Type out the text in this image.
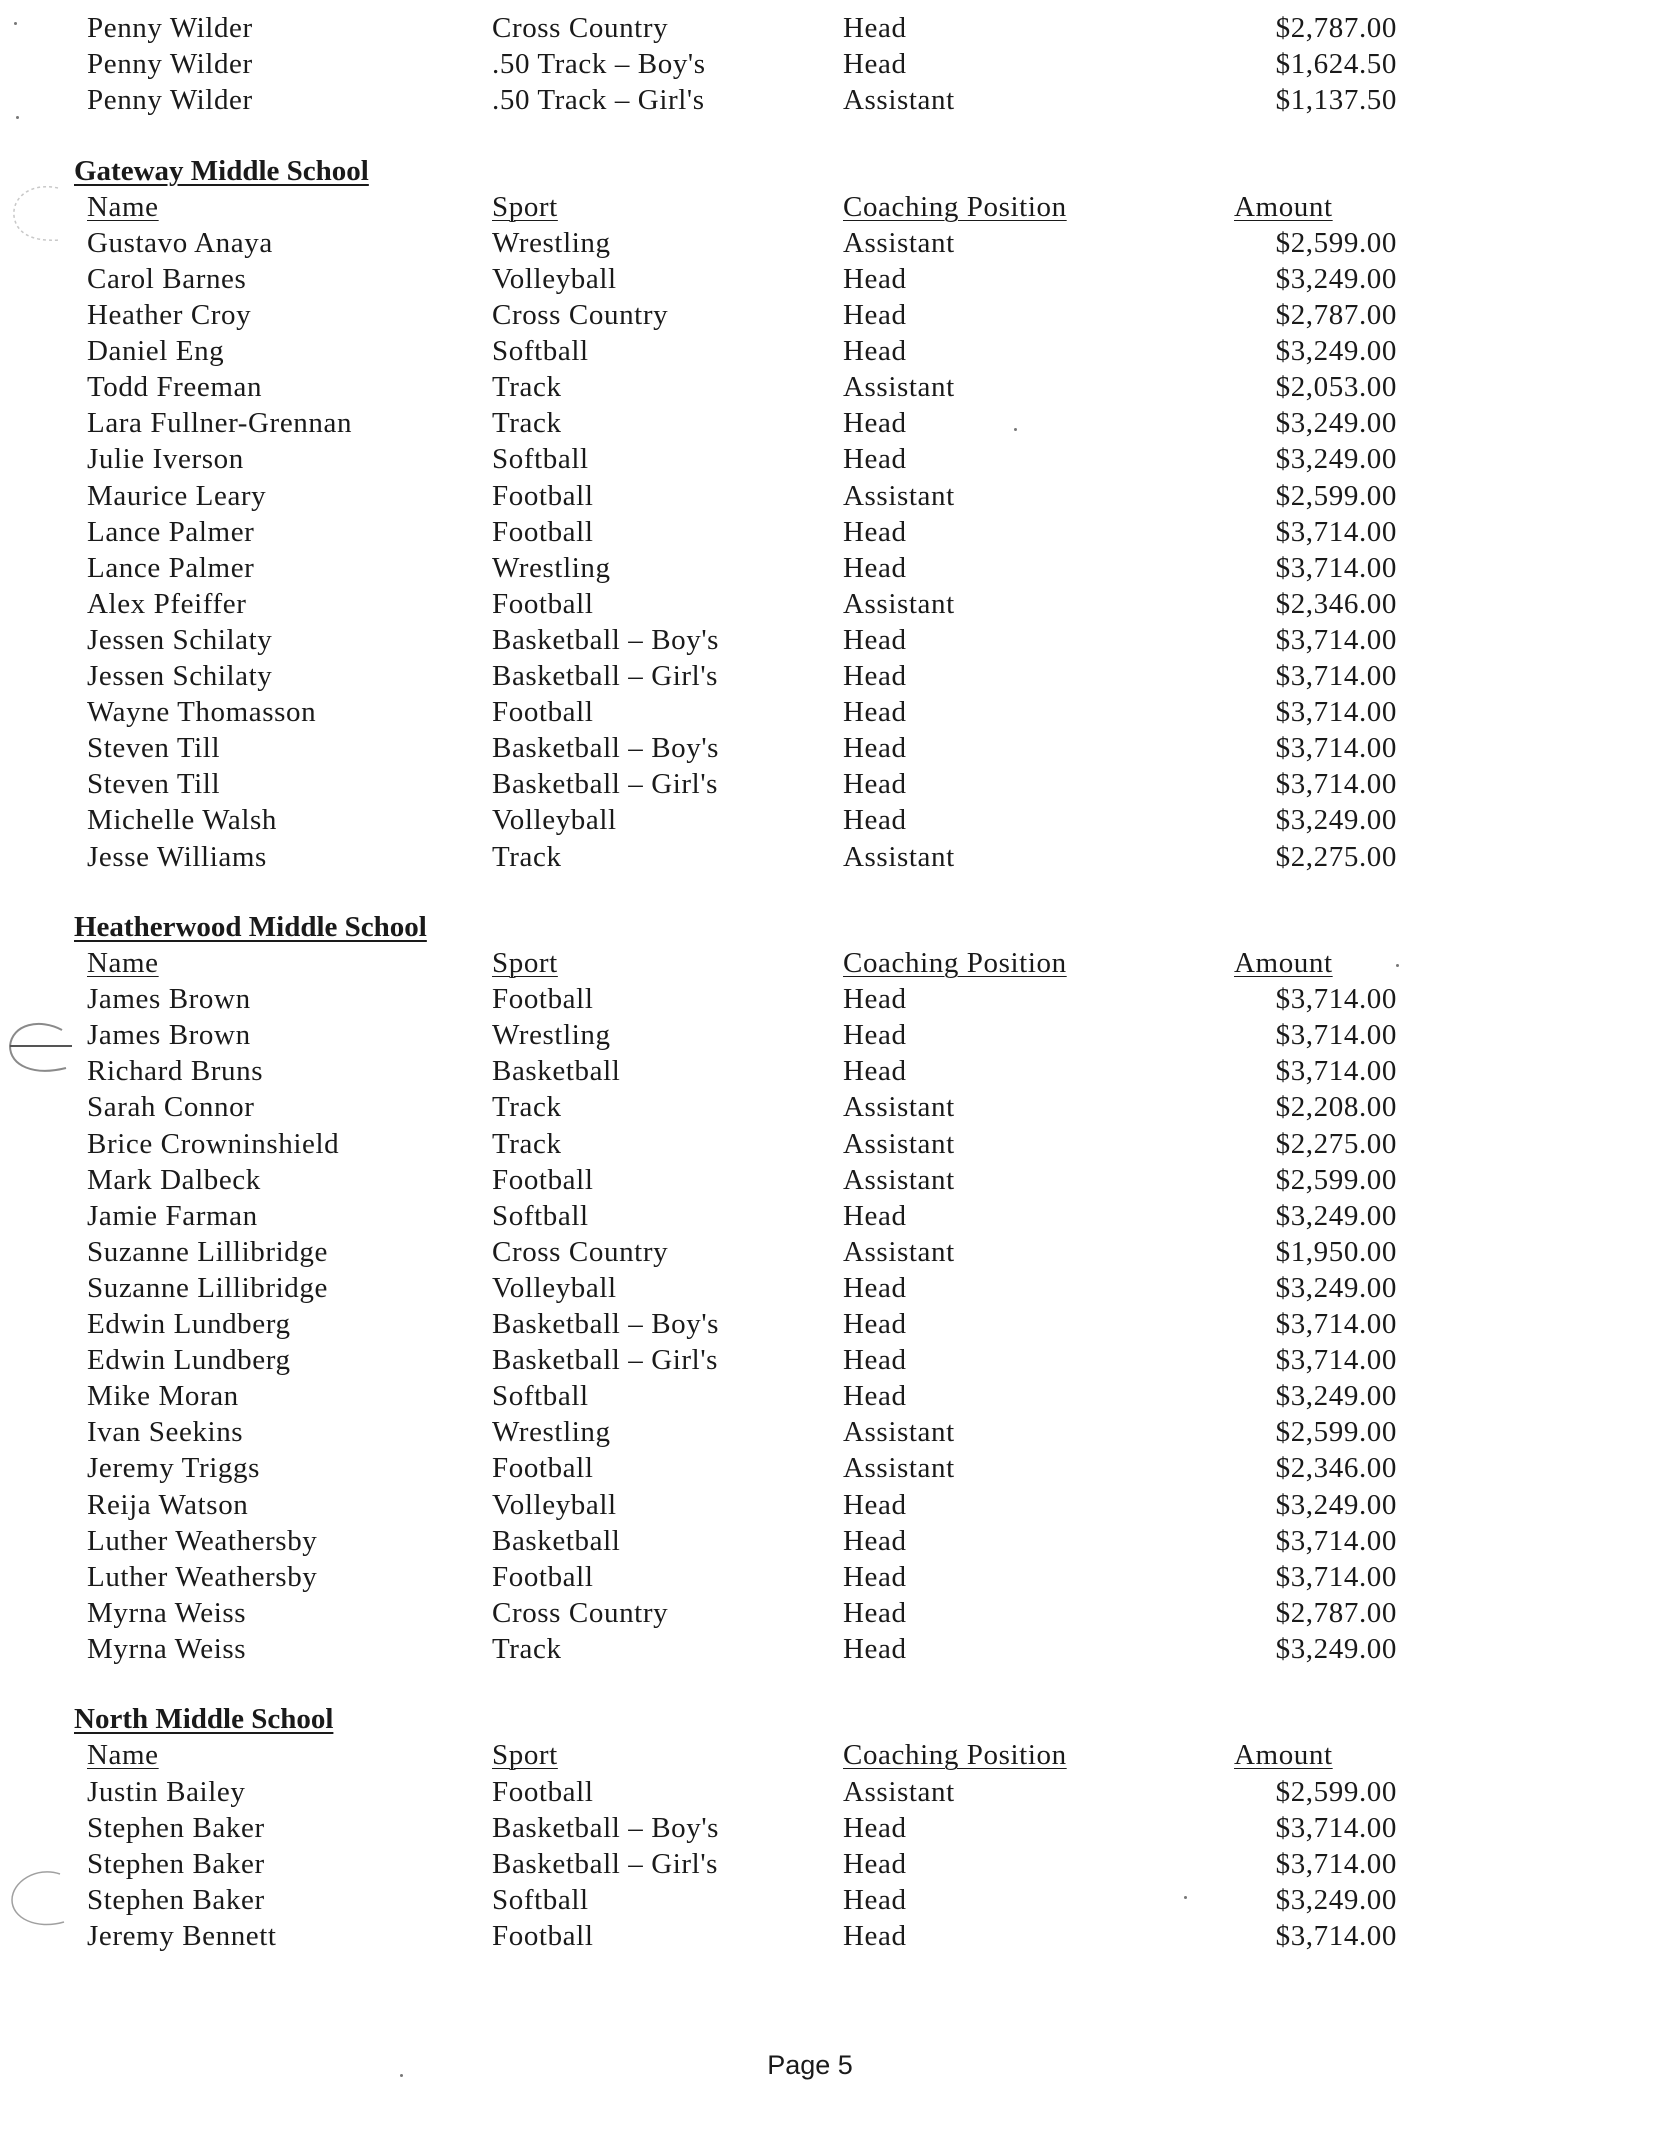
Page 5
Penny Wilder	Cross Country	Head	$2,787.00
Penny Wilder	.50 Track – Boy's	Head	$1,624.50
Penny Wilder	.50 Track – Girl's	Assistant	$1,137.50
Gateway Middle School
Name	Sport	Coaching Position	Amount
Gustavo Anaya	Wrestling	Assistant	$2,599.00
Carol Barnes	Volleyball	Head	$3,249.00
Heather Croy	Cross Country	Head	$2,787.00
Daniel Eng	Softball	Head	$3,249.00
Todd Freeman	Track	Assistant	$2,053.00
Lara Fullner-Grennan	Track	Head	$3,249.00
Julie Iverson	Softball	Head	$3,249.00
Maurice Leary	Football	Assistant	$2,599.00
Lance Palmer	Football	Head	$3,714.00
Lance Palmer	Wrestling	Head	$3,714.00
Alex Pfeiffer	Football	Assistant	$2,346.00
Jessen Schilaty	Basketball – Boy's	Head	$3,714.00
Jessen Schilaty	Basketball – Girl's	Head	$3,714.00
Wayne Thomasson	Football	Head	$3,714.00
Steven Till	Basketball – Boy's	Head	$3,714.00
Steven Till	Basketball – Girl's	Head	$3,714.00
Michelle Walsh	Volleyball	Head	$3,249.00
Jesse Williams	Track	Assistant	$2,275.00
Heatherwood Middle School
Name	Sport	Coaching Position	Amount
James Brown	Football	Head	$3,714.00
James Brown	Wrestling	Head	$3,714.00
Richard Bruns	Basketball	Head	$3,714.00
Sarah Connor	Track	Assistant	$2,208.00
Brice Crowninshield	Track	Assistant	$2,275.00
Mark Dalbeck	Football	Assistant	$2,599.00
Jamie Farman	Softball	Head	$3,249.00
Suzanne Lillibridge	Cross Country	Assistant	$1,950.00
Suzanne Lillibridge	Volleyball	Head	$3,249.00
Edwin Lundberg	Basketball – Boy's	Head	$3,714.00
Edwin Lundberg	Basketball – Girl's	Head	$3,714.00
Mike Moran	Softball	Head	$3,249.00
Ivan Seekins	Wrestling	Assistant	$2,599.00
Jeremy Triggs	Football	Assistant	$2,346.00
Reija Watson	Volleyball	Head	$3,249.00
Luther Weathersby	Basketball	Head	$3,714.00
Luther Weathersby	Football	Head	$3,714.00
Myrna Weiss	Cross Country	Head	$2,787.00
Myrna Weiss	Track	Head	$3,249.00
North Middle School
Name	Sport	Coaching Position	Amount
Justin Bailey	Football	Assistant	$2,599.00
Stephen Baker	Basketball – Boy's	Head	$3,714.00
Stephen Baker	Basketball – Girl's	Head	$3,714.00
Stephen Baker	Softball	Head	$3,249.00
Jeremy Bennett	Football	Head	$3,714.00
